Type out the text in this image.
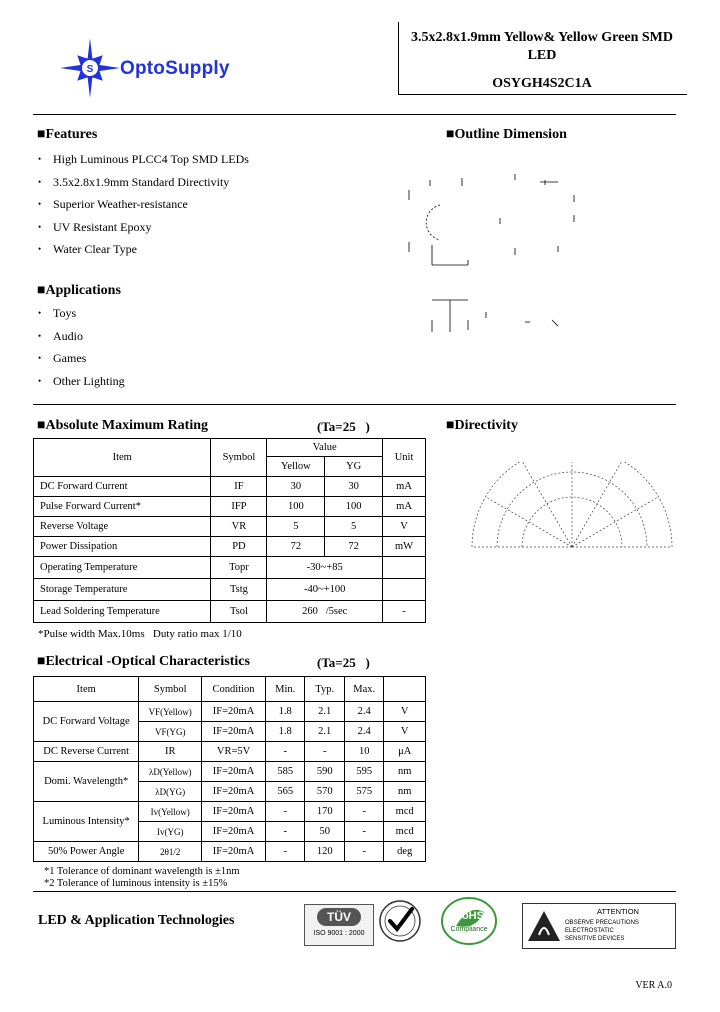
S OptoSupply
3.5x2.8x1.9mm Yellow& Yellow Green SMD
LED
OSYGH4S2C1A
■Features
• High Luminous PLCC4 Top SMD LEDs
• 3.5x2.8x1.9mm Standard Directivity
• Superior Weather-resistance
• UV Resistant Epoxy
• Water Clear Type
■Outline Dimension
■Applications
• Toys
• Audio
• Games
• Other Lighting
■Absolute Maximum Rating	(Ta=25   )
Item	Symbol	Value		Unit
		Yellow	YG	
DC Forward Current	IF	30	30	mA
Pulse Forward Current*	IFP	100	100	mA
Reverse Voltage	VR	5	5	V
Power Dissipation	PD	72	72	mW
Operating Temperature	Topr	-30~+85		
Storage Temperature	Tstg	-40~+100		
Lead Soldering Temperature	Tsol	260   /5sec		-
*Pulse width Max.10ms   Duty ratio max 1/10
■Directivity
■Electrical -Optical Characteristics	(Ta=25   )
Item	Symbol	Condition	Min.	Typ.	Max.	
DC Forward Voltage	VF(Yellow)	IF=20mA	1.8	2.1	2.4	V
	VF(YG)	IF=20mA	1.8	2.1	2.4	V
DC Reverse Current	IR	VR=5V	-	-	10	μA
Domi. Wavelength*	λD(Yellow)	IF=20mA	585	590	595	nm
	λD(YG)	IF=20mA	565	570	575	nm
Luminous Intensity*	Iv(Yellow)	IF=20mA	-	170	-	mcd
	Iv(YG)	IF=20mA	-	50	-	mcd
50% Power Angle	2θ1/2	IF=20mA	-	120	-	deg
*1 Tolerance of dominant wavelength is ±1nm
*2 Tolerance of luminous intensity is ±15%
LED & Application Technologies	TÜV
ISO 9001 : 2000
RoHS
Compliance
ATTENTION
OBSERVE PRECAUTIONS
ELECTROSTATIC
SENSITIVE DEVICES
VER A.0
